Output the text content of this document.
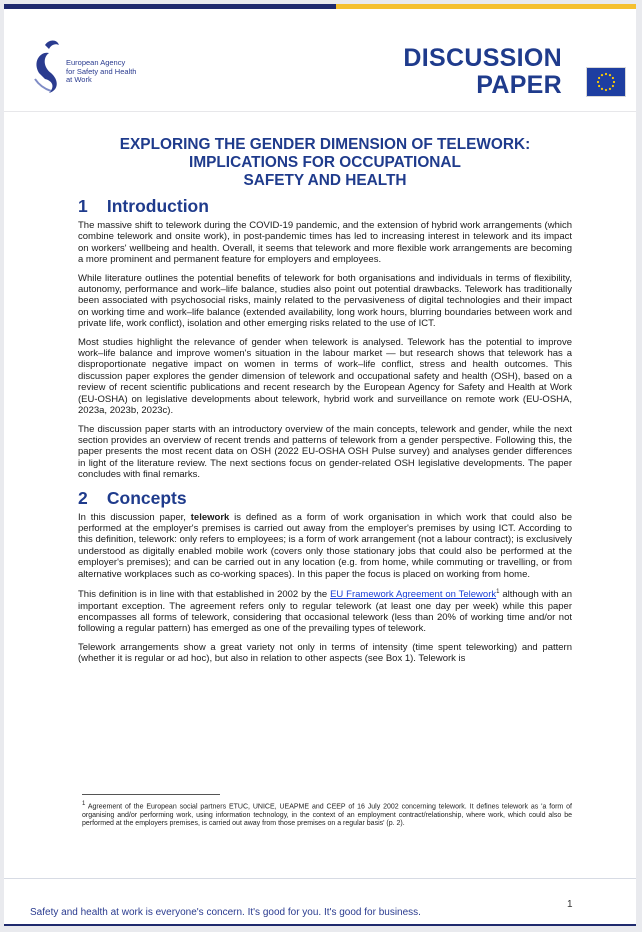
European Agency
for Safety and Health
at Work
DISCUSSION
PAPER
EXPLORING THE GENDER DIMENSION OF TELEWORK:
IMPLICATIONS FOR OCCUPATIONAL
SAFETY AND HEALTH
1 Introduction

The massive shift to telework during the COVID-19 pandemic, and the extension of hybrid work arrangements (which combine telework and onsite work), in post-pandemic times has led to increasing interest in telework and its impact on workers' wellbeing and health. Overall, it seems that telework and more flexible work arrangements are becoming a more prominent and permanent feature for employers and employees.

While literature outlines the potential benefits of telework for both organisations and individuals in terms of flexibility, autonomy, performance and work–life balance, studies also point out potential drawbacks. Telework has traditionally been associated with psychosocial risks, mainly related to the pervasiveness of digital technologies and their impact on working time and work–life balance (extended availability, long work hours, blurring boundaries between work and private life, work conflict), isolation and other emerging risks related to the use of ICT.

Most studies highlight the relevance of gender when telework is analysed. Telework has the potential to improve work–life balance and improve women's situation in the labour market — but research shows that telework has a disproportionate negative impact on women in terms of work–life conflict, stress and health outcomes. This discussion paper explores the gender dimension of telework and occupational safety and health (OSH), based on a review of recent scientific publications and recent research by the European Agency for Safety and Health at Work (EU-OSHA) on legislative developments about telework, hybrid work and surveillance on remote work (EU-OSHA, 2023a, 2023b, 2023c).

The discussion paper starts with an introductory overview of the main concepts, telework and gender, while the next section provides an overview of recent trends and patterns of telework from a gender perspective. Following this, the paper presents the most recent data on OSH (2022 EU-OSHA OSH Pulse survey) and analyses gender differences in light of the literature review. The next sections focus on gender-related OSH legislative developments. The paper concludes with final remarks.

2 Concepts

In this discussion paper, telework is defined as a form of work organisation in which work that could also be performed at the employer's premises is carried out away from the employer's premises by using ICT. According to this definition, telework: only refers to employees; is a form of work arrangement (not a labour contract); is exclusively understood as digitally enabled mobile work (covers only those stationary jobs that could also be performed at the employer's premises); and can be carried out in any location (e.g. from home, while commuting or travelling, or from alternative workplaces such as co-working spaces). In this paper the focus is placed on working from home.

This definition is in line with that established in 2002 by the EU Framework Agreement on Telework$^1$ although with an important exception. The agreement refers only to regular telework (at least one day per week) while this paper encompasses all forms of telework, considering that occasional telework (less than 20% of working time and/or not following a regular pattern) has emerged as one of the prevailing types of telework.

Telework arrangements show a great variety not only in terms of intensity (time spent teleworking) and pattern (whether it is regular or ad hoc), but also in relation to other aspects (see Box 1). Telework is

$^1$ Agreement of the European social partners ETUC, UNICE, UEAPME and CEEP of 16 July 2002 concerning telework. It defines telework as 'a form of organising and/or performing work, using information technology, in the context of an employment contract/relationship, where work, which could also be performed at the employers premises, is carried out away from those premises on a regular basis' (p. 2).
Safety and health at work is everyone's concern. It's good for you. It's good for business.
1
